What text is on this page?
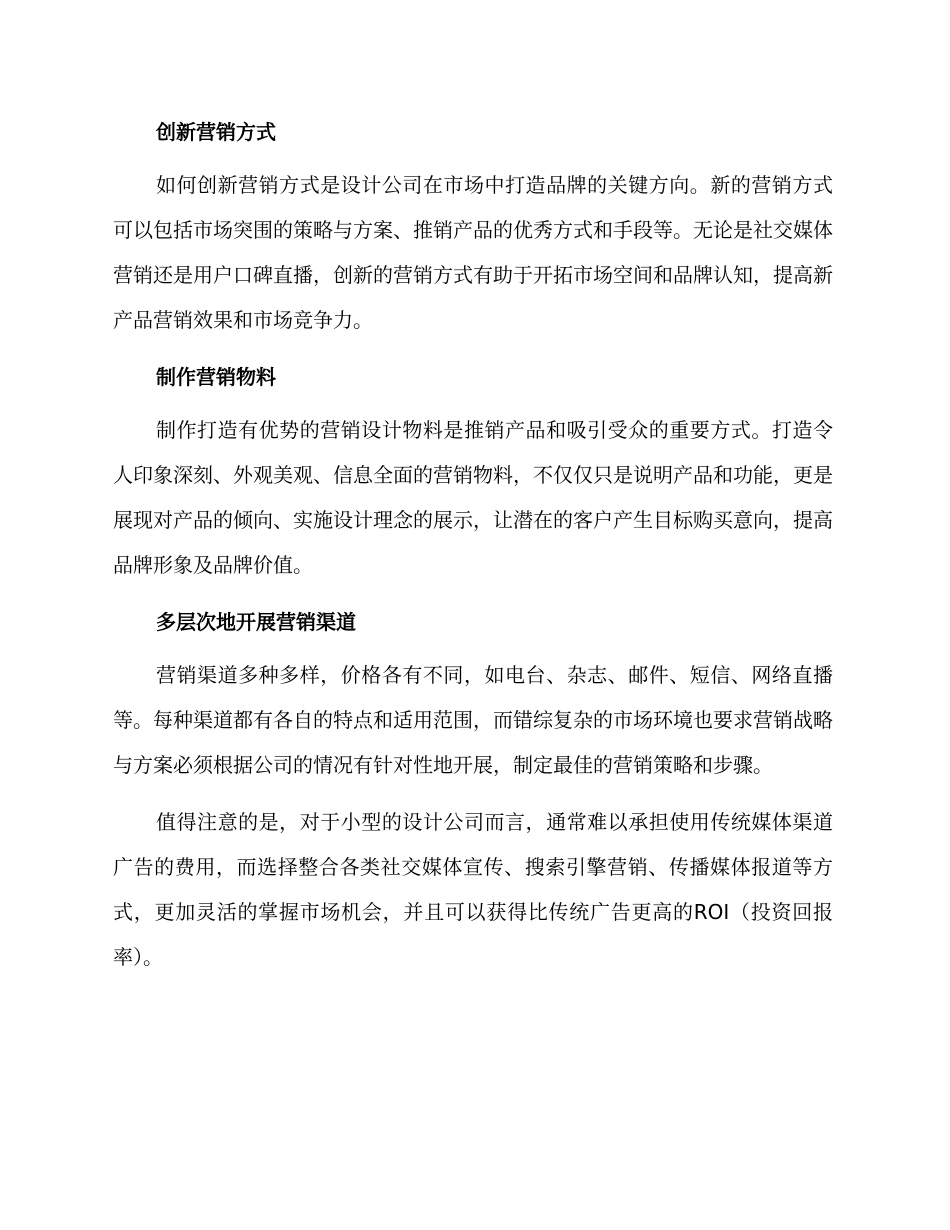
创新营销方式

如何创新营销方式是设计公司在市场中打造品牌的关键方向。新的营销方式可以包括市场突围的策略与方案、推销产品的优秀方式和手段等。无论是社交媒体营销还是用户口碑直播，创新的营销方式有助于开拓市场空间和品牌认知，提高新产品营销效果和市场竞争力。

制作营销物料

制作打造有优势的营销设计物料是推销产品和吸引受众的重要方式。打造令人印象深刻、外观美观、信息全面的营销物料，不仅仅只是说明产品和功能，更是展现对产品的倾向、实施设计理念的展示，让潜在的客户产生目标购买意向，提高品牌形象及品牌价值。

多层次地开展营销渠道

营销渠道多种多样，价格各有不同，如电台、杂志、邮件、短信、网络直播等。每种渠道都有各自的特点和适用范围，而错综复杂的市场环境也要求营销战略与方案必须根据公司的情况有针对性地开展，制定最佳的营销策略和步骤。

值得注意的是，对于小型的设计公司而言，通常难以承担使用传统媒体渠道广告的费用，而选择整合各类社交媒体宣传、搜索引擎营销、传播媒体报道等方式，更加灵活的掌握市场机会，并且可以获得比传统广告更高的ROI（投资回报率）。
